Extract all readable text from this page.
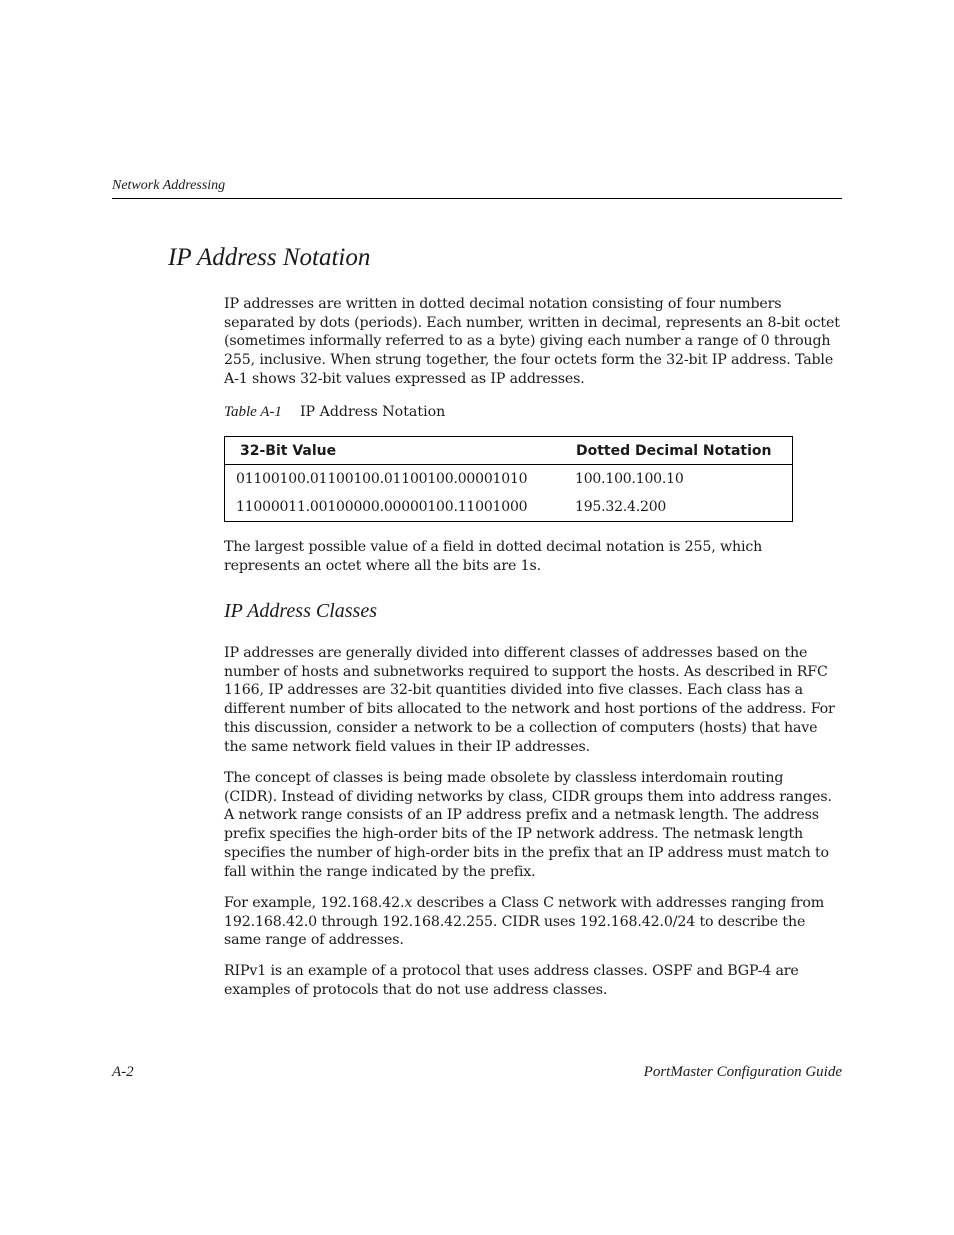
Network Addressing
IP Address Notation

IP addresses are written in dotted decimal notation consisting of four numbers separated by dots (periods). Each number, written in decimal, represents an 8-bit octet (sometimes informally referred to as a byte) giving each number a range of 0 through 255, inclusive. When strung together, the four octets form the 32-bit IP address. Table A-1 shows 32-bit values expressed as IP addresses.

Table A-1 IP Address Notation
32-Bit Value	Dotted Decimal Notation
01100100.01100100.01100100.00001010	100.100.100.10
11000011.00100000.00000100.11001000	195.32.4.200

The largest possible value of a field in dotted decimal notation is 255, which represents an octet where all the bits are 1s.

IP Address Classes

IP addresses are generally divided into different classes of addresses based on the number of hosts and subnetworks required to support the hosts. As described in RFC 1166, IP addresses are 32-bit quantities divided into five classes. Each class has a different number of bits allocated to the network and host portions of the address. For this discussion, consider a network to be a collection of computers (hosts) that have the same network field values in their IP addresses.

The concept of classes is being made obsolete by classless interdomain routing (CIDR). Instead of dividing networks by class, CIDR groups them into address ranges. A network range consists of an IP address prefix and a netmask length. The address prefix specifies the high-order bits of the IP network address. The netmask length specifies the number of high-order bits in the prefix that an IP address must match to fall within the range indicated by the prefix.

For example, 192.168.42.x describes a Class C network with addresses ranging from 192.168.42.0 through 192.168.42.255. CIDR uses 192.168.42.0/24 to describe the same range of addresses.

RIPv1 is an example of a protocol that uses address classes. OSPF and BGP-4 are examples of protocols that do not use address classes.

A-2	PortMaster Configuration Guide
